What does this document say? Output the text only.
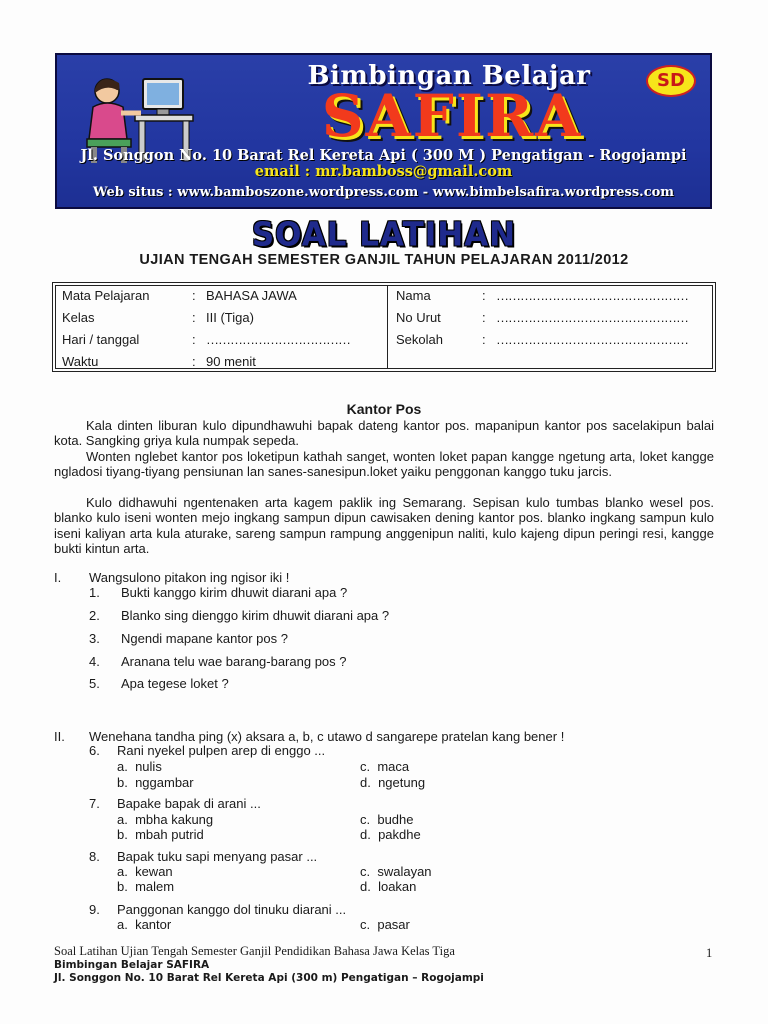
SD
Bimbingan Belajar
SAFIRA
Jl. Songgon No. 10 Barat Rel Kereta Api ( 300 M ) Pengatigan - Rogojampi
email : mr.bamboss@gmail.com
Web situs : www.bamboszone.wordpress.com - www.bimbelsafira.wordpress.com
SOAL LATIHAN
UJIAN TENGAH SEMESTER GANJIL TAHUN PELAJARAN 2011/2012
Mata Pelajaran	: BAHASA JAWA
Kelas	: III (Tiga)
Hari / tanggal	: ………………………………
Waktu	: 90 menit
Nama	: …………………………………………
No Urut	: …………………………………………
Sekolah	: …………………………………………
Kantor Pos
Kala dinten liburan kulo dipundhawuhi bapak dateng kantor pos. mapanipun kantor pos sacelakipun balai kota. Sangking griya kula numpak sepeda.
Wonten nglebet kantor pos loketipun kathah sanget, wonten loket papan kangge ngetung arta, loket kangge ngladosi tiyang-tiyang pensiunan lan sanes-sanesipun.loket yaiku penggonan kanggo tuku jarcis.
Kulo didhawuhi ngentenaken arta kagem paklik ing Semarang. Sepisan kulo tumbas blanko wesel pos. blanko kulo iseni wonten mejo ingkang sampun dipun cawisaken dening kantor pos. blanko ingkang sampun kulo iseni kaliyan arta kula aturake, sareng sampun rampung anggenipun naliti, kulo kajeng dipun peringi resi, kangge bukti kintun arta.
I. Wangsulono pitakon ing ngisor iki !
1. Bukti kanggo kirim dhuwit diarani apa ?
2. Blanko sing dienggo kirim dhuwit diarani apa ?
3. Ngendi mapane kantor pos ?
4. Aranana telu wae barang-barang pos ?
5. Apa tegese loket ?
II. Wenehana tandha ping (x) aksara a, b, c utawo d sangarepe pratelan kang bener !
6. Rani nyekel pulpen arep di enggo ...
a.  nulis	c.  maca
b.  nggambar	d.  ngetung
7. Bapake bapak di arani ...
a.  mbha kakung	c.  budhe
b.  mbah putrid	d.  pakdhe
8. Bapak tuku sapi menyang pasar ...
a.  kewan	c.  swalayan
b.  malem	d.  loakan
9. Panggonan kanggo dol tinuku diarani ...
a.  kantor	c.  pasar
Soal Latihan Ujian Tengah Semester Ganjil Pendidikan Bahasa Jawa Kelas Tiga	1
Bimbingan Belajar SAFIRA
Jl. Songgon No. 10 Barat Rel Kereta Api (300 m) Pengatigan – Rogojampi
